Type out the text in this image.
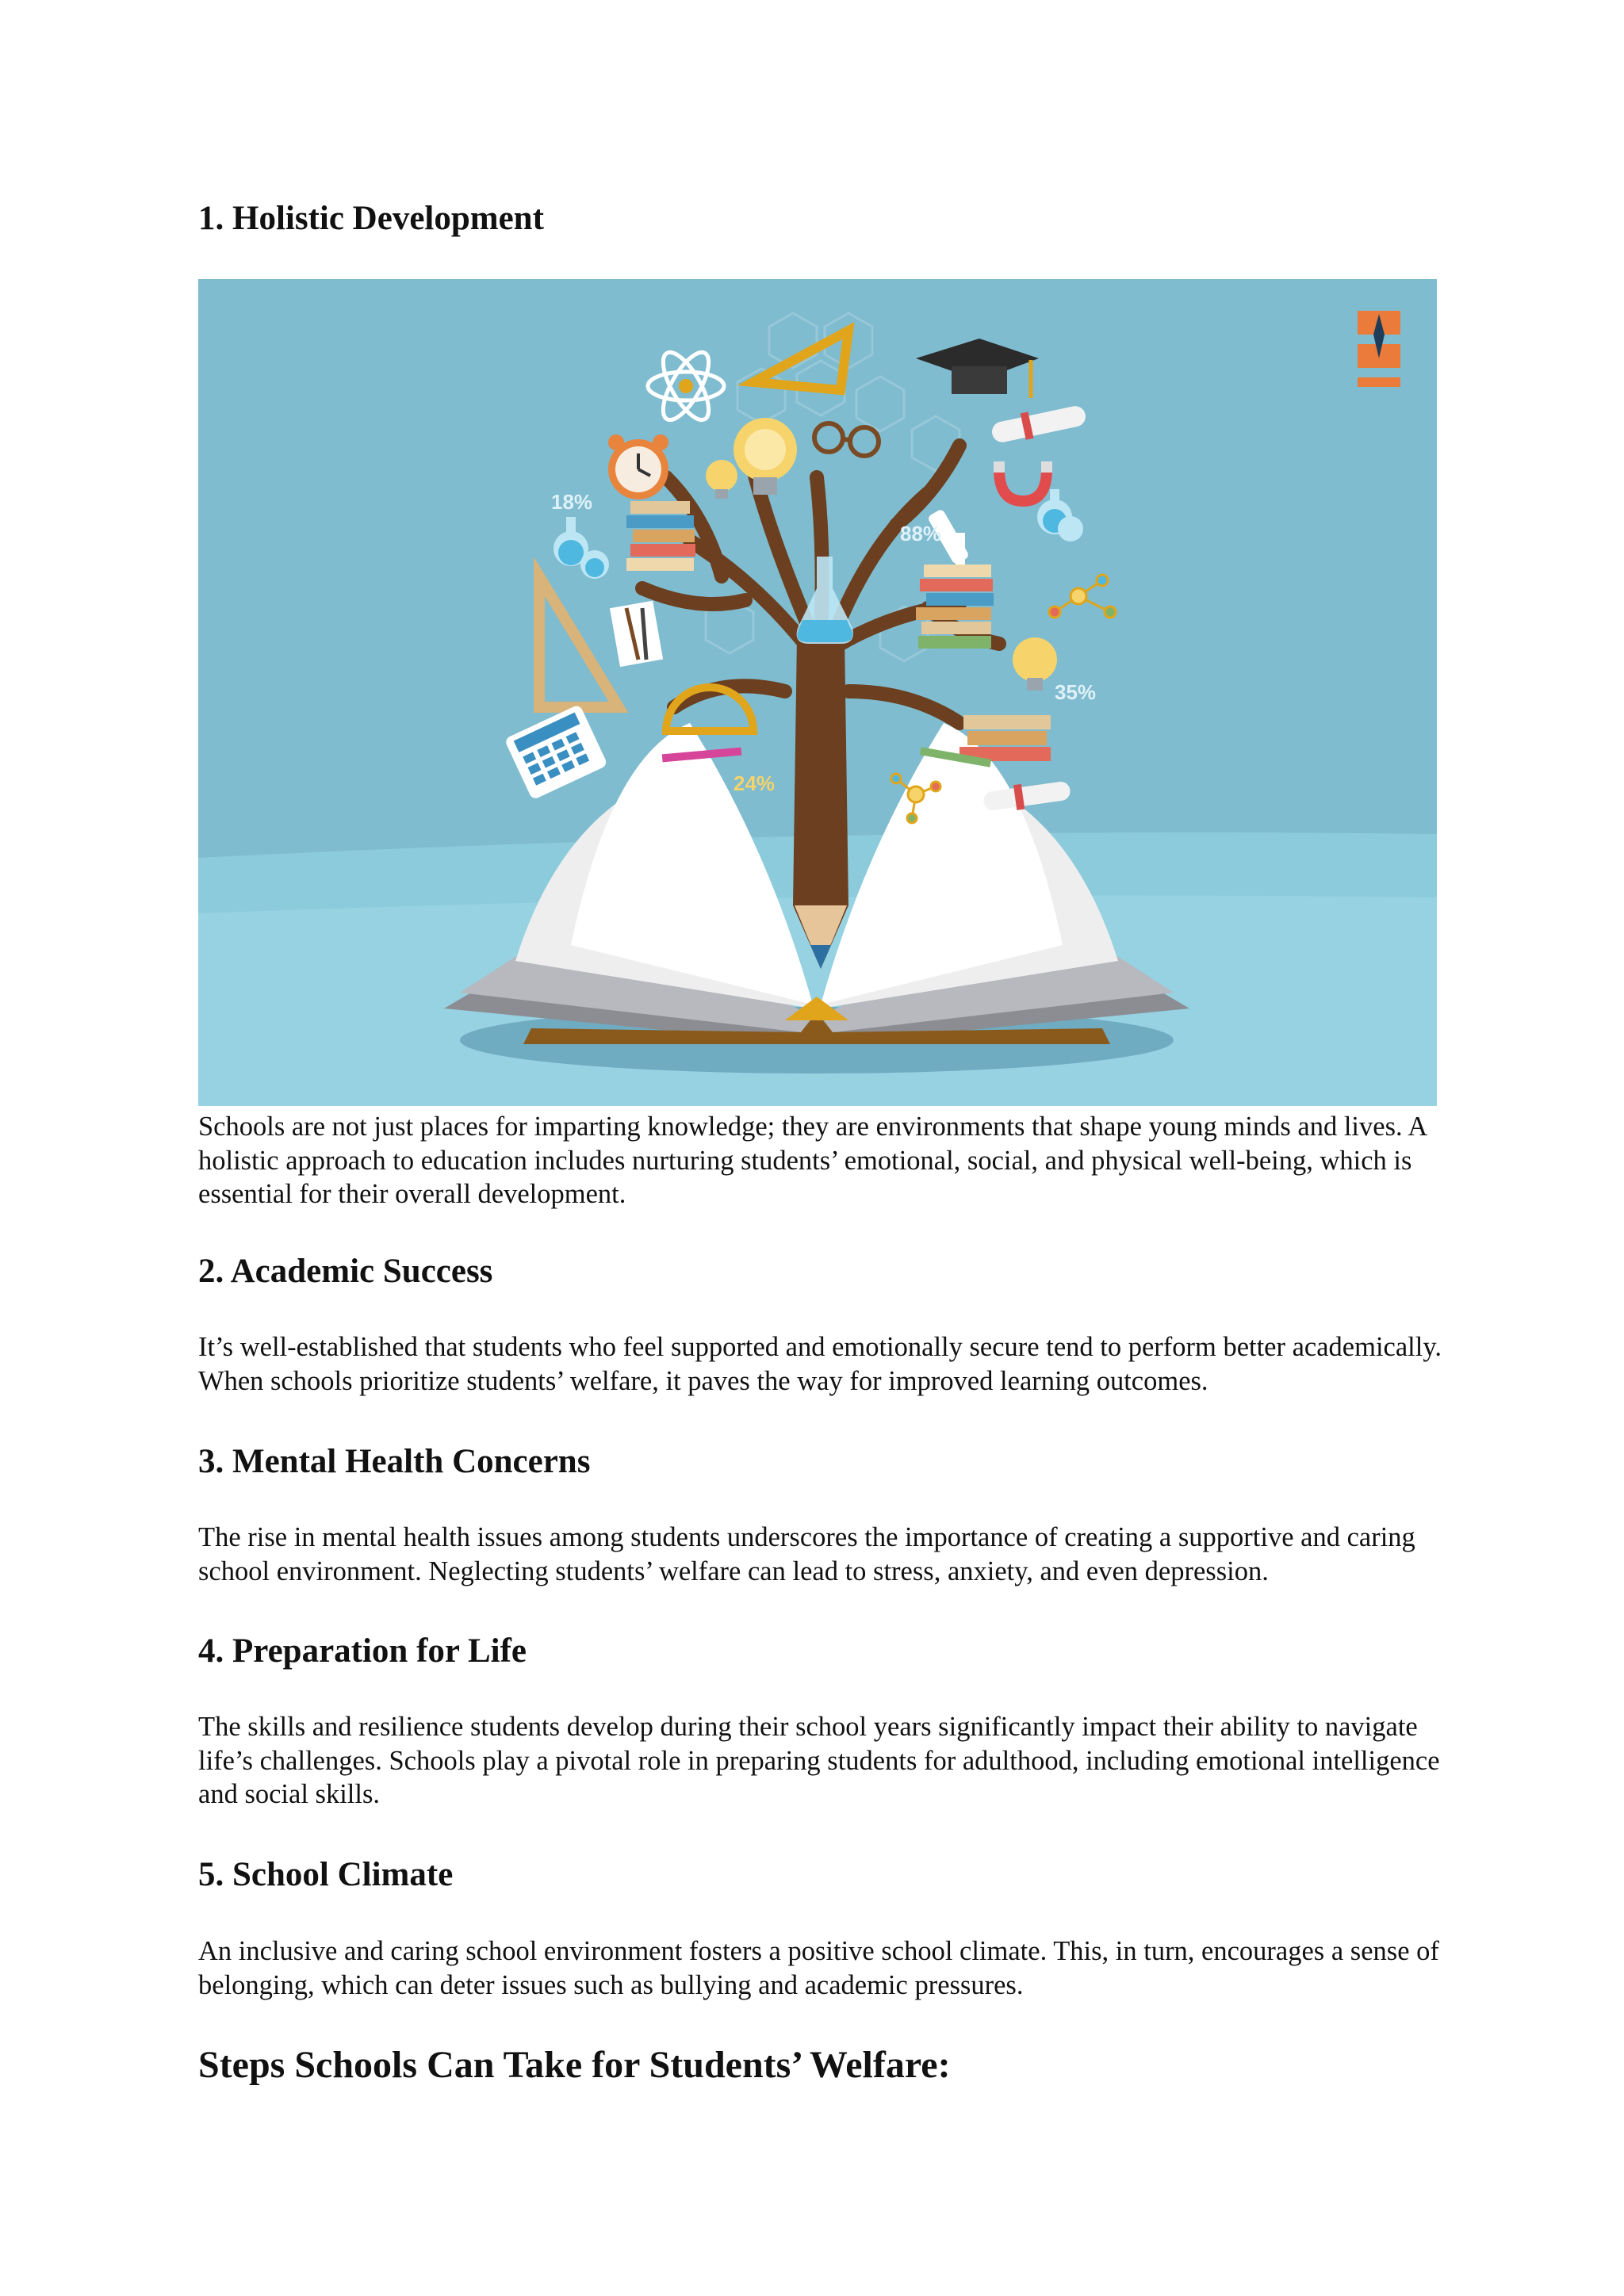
1. Holistic Development
18%
88%
35%
24%

Schools are not just places for imparting knowledge; they are environments that shape young minds and lives. A holistic approach to education includes nurturing students’ emotional, social, and physical well-being, which is essential for their overall development.

2. Academic Success

It’s well-established that students who feel supported and emotionally secure tend to perform better academically. When schools prioritize students’ welfare, it paves the way for improved learning outcomes.

3. Mental Health Concerns

The rise in mental health issues among students underscores the importance of creating a supportive and caring school environment. Neglecting students’ welfare can lead to stress, anxiety, and even depression.

4. Preparation for Life

The skills and resilience students develop during their school years significantly impact their ability to navigate life’s challenges. Schools play a pivotal role in preparing students for adulthood, including emotional intelligence and social skills.

5. School Climate

An inclusive and caring school environment fosters a positive school climate. This, in turn, encourages a sense of belonging, which can deter issues such as bullying and academic pressures.

Steps Schools Can Take for Students’ Welfare:
